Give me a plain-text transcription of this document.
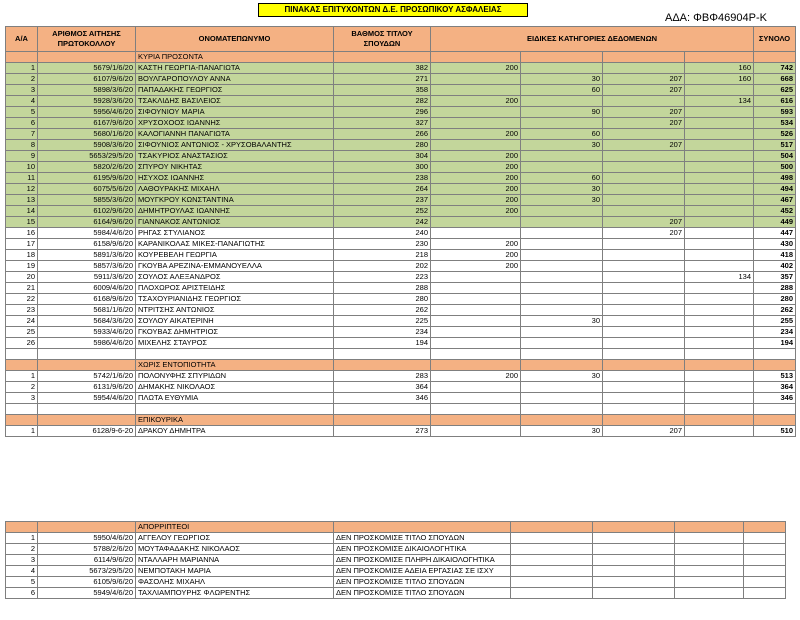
ΠΙΝΑΚΑΣ ΕΠΙΤΥΧΟΝΤΩΝ Δ.Ε. ΠΡΟΣΩΠΙΚΟΥ ΑΣΦΑΛΕΙΑΣ
ΑΔΑ: ΦΒΦ46904Ρ-Κ
Α/Α	ΑΡΙΘΜΟΣ ΑΙΤΗΣΗΣ ΠΡΩΤΟΚΟΛΛΟΥ	ΟΝΟΜΑΤΕΠΩΝΥΜΟ	ΒΑΘΜΟΣ ΤΙΤΛΟΥ ΣΠΟΥΔΩΝ	ΕΙΔΙΚΕΣ ΚΑΤΗΓΟΡΙΕΣ ΔΕΔΟΜΕΝΩΝ				ΣΥΝΟΛΟ
		ΚΥΡΙΑ ΠΡΟΣΟΝΤΑ						
1	5679/1/6/20	ΚΑΣΤΗ ΓΕΩΡΓΙΑ-ΠΑΝΑΓΙΩΤΑ	382	200			160	742
2	6107/9/6/20	ΒΟΥΛΓΑΡΟΠΟΥΛΟΥ ΑΝΝΑ	271		30	207	160	668
3	5898/3/6/20	ΠΑΠΑΔΑΚΗΣ ΓΕΩΡΓΙΟΣ	358		60	207		625
4	5928/3/6/20	ΤΣΑΚΛΙΔΗΣ ΒΑΣΙΛΕΙΟΣ	282	200			134	616
5	5956/4/6/20	ΣΙΦΟΥΝΙΟΥ ΜΑΡΙΑ	296		90	207		593
6	6167/9/6/20	ΧΡΥΣΟΧΟΟΣ ΙΩΑΝΝΗΣ	327			207		534
7	5680/1/6/20	ΚΑΛΟΓΙΑΝΝΗ ΠΑΝΑΓΙΩΤΑ	266	200	60			526
8	5908/3/6/20	ΣΙΦΟΥΝΙΟΣ ΑΝΤΩΝΙΟΣ - ΧΡΥΣΟΒΑΛΑΝΤΗΣ	280		30	207		517
9	5653/29/5/20	ΤΣΑΚΥΡΙΟΣ ΑΝΑΣΤΑΣΙΟΣ	304	200				504
10	5820/2/6/20	ΣΠΥΡΟΥ ΝΙΚΗΤΑΣ	300	200				500
11	6195/9/6/20	ΗΣΥΧΟΣ ΙΩΑΝΝΗΣ	238	200	60			498
12	6075/5/6/20	ΛΑΘΟΥΡΑΚΗΣ ΜΙΧΑΗΛ	264	200	30			494
13	5855/3/6/20	ΜΟΥΓΚΡΟΥ ΚΩΝΣΤΑΝΤΙΝΑ	237	200	30			467
14	6102/9/6/20	ΔΗΜΗΤΡΟΥΛΑΣ ΙΩΑΝΝΗΣ	252	200				452
15	6164/9/6/20	ΓΙΑΝΝΑΚΟΣ ΑΝΤΩΝΙΟΣ	242			207		449
16	5984/4/6/20	ΡΗΓΑΣ ΣΤΥΛΙΑΝΟΣ	240			207		447
17	6158/9/6/20	ΚΑΡΑΝΙΚΟΛΑΣ ΜΙΚΕΣ-ΠΑΝΑΓΙΩΤΗΣ	230	200				430
18	5891/3/6/20	ΚΟΥΡΕΒΕΛΗ ΓΕΩΡΓΙΑ	218	200				418
19	5857/3/6/20	ΓΚΟΥΒΑ ΑΡΕΖΙΝΑ-ΕΜΜΑΝΟΥΕΛΛΑ	202	200				402
20	5911/3/6/20	ΣΟΥΛΟΣ ΑΛΕΞΑΝΔΡΟΣ	223				134	357
21	6009/4/6/20	ΠΛΟΧΩΡΟΣ ΑΡΙΣΤΕΙΔΗΣ	288					288
22	6168/9/6/20	ΤΣΑΧΟΥΡΙΑΝΙΔΗΣ ΓΕΩΡΓΙΟΣ	280					280
23	5681/1/6/20	ΝΤΡΙΤΣΗΣ ΑΝΤΩΝΙΟΣ	262					262
24	5684/3/6/20	ΣΟΥΛΟΥ ΑΙΚΑΤΕΡΙΝΗ	225		30			255
25	5933/4/6/20	ΓΚΟΥΒΑΣ ΔΗΜΗΤΡΙΟΣ	234					234
26	5986/4/6/20	ΜΙΧΕΛΗΣ ΣΤΑΥΡΟΣ	194					194

		ΧΩΡΙΣ ΕΝΤΟΠΙΟΤΗΤΑ						
1	5742/1/6/20	ΠΟΛΟΝΥΦΗΣ ΣΠΥΡΙΔΩΝ	283	200	30			513
2	6131/9/6/20	ΔΗΜΑΚΗΣ ΝΙΚΟΛΑΟΣ	364					364
3	5954/4/6/20	ΠΛΩΤΑ ΕΥΘΥΜΙΑ	346					346

		ΕΠΙΚΟΥΡΙΚΑ						
1	6128/9-6-20	ΔΡΑΚΟΥ ΔΗΜΗΤΡΑ	273		30	207		510
		ΑΠΟΡΡΙΠΤΕΟΙ					
1	5950/4/6/20	ΑΓΓΕΛΟΥ ΓΕΩΡΓΙΟΣ	ΔΕΝ ΠΡΟΣΚΟΜΙΣΕ ΤΙΤΛΟ ΣΠΟΥΔΩΝ				
2	5788/2/6/20	ΜΟΥΤΑΦΑΔΑΚΗΣ ΝΙΚΟΛΑΟΣ	ΔΕΝ ΠΡΟΣΚΟΜΙΣΕ ΔΙΚΑΙΟΛΟΓΗΤΙΚΑ				
3	6114/9/6/20	ΝΤΑΛΛΑΡΗ ΜΑΡΙΑΝΝΑ	ΔΕΝ ΠΡΟΣΚΟΜΙΣΕ ΠΛΗΡΗ ΔΙΚΑΙΟΛΟΓΗΤΙΚΑ				
4	5673/29/5/20	ΝΕΜΠΟΤΑΚΗ ΜΑΡΙΑ	ΔΕΝ ΠΡΟΣΚΟΜΙΣΕ ΑΔΕΙΑ ΕΡΓΑΣΙΑΣ ΣΕ ΙΣΧΥ				
5	6105/9/6/20	ΦΑΣΟΛΗΣ ΜΙΧΑΗΛ	ΔΕΝ ΠΡΟΣΚΟΜΙΣΕ ΤΙΤΛΟ ΣΠΟΥΔΩΝ				
6	5949/4/6/20	ΤΑΧΛΙΑΜΠΟΥΡΗΣ ΦΛΩΡΕΝΤΗΣ	ΔΕΝ ΠΡΟΣΚΟΜΙΣΕ ΤΙΤΛΟ ΣΠΟΥΔΩΝ				
